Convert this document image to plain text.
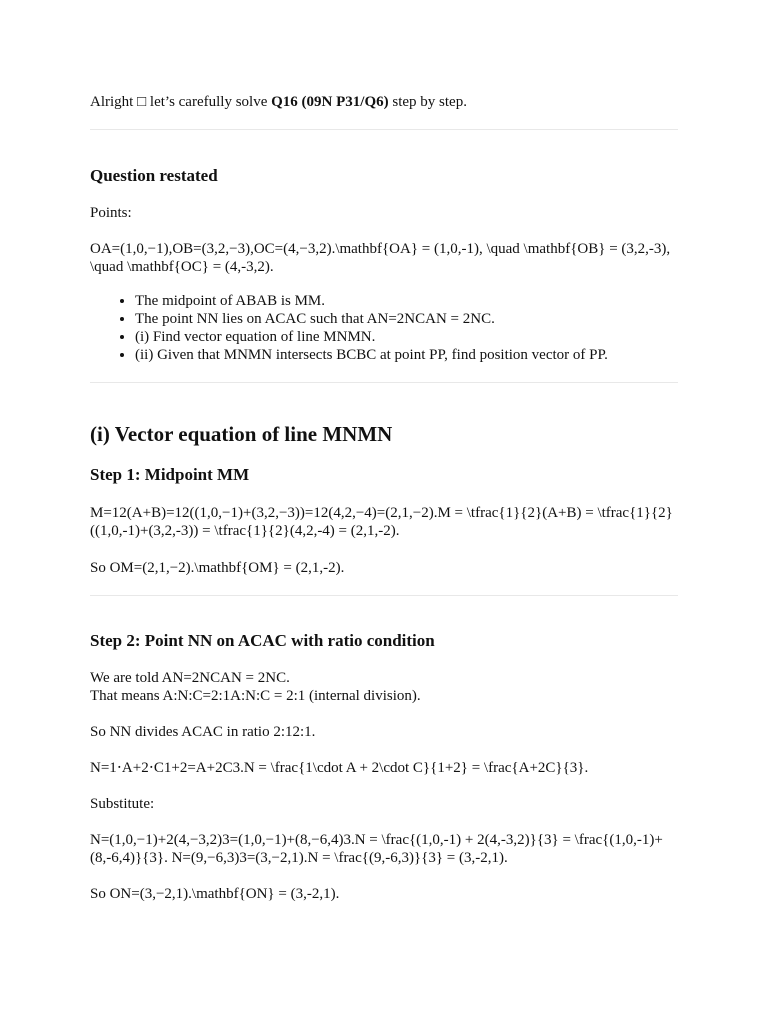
Alright □ let’s carefully solve Q16 (09N P31/Q6) step by step.

Question restated

Points:

OA=(1,0,−1),OB=(3,2,−3),OC=(4,−3,2).\mathbf{OA} = (1,0,-1), \quad \mathbf{OB} = (3,2,-3), \quad \mathbf{OC} = (4,-3,2).

• The midpoint of ABAB is MM.
• The point NN lies on ACAC such that AN=2NCAN = 2NC.
• (i) Find vector equation of line MNMN.
• (ii) Given that MNMN intersects BCBC at point PP, find position vector of PP.
(i) Vector equation of line MNMN
Step 1: Midpoint MM

M=12(A+B)=12((1,0,−1)+(3,2,−3))=12(4,2,−4)=(2,1,−2).M = \tfrac{1}{2}(A+B) = \tfrac{1}{2}((1,0,-1)+(3,2,-3)) = \tfrac{1}{2}(4,2,-4) = (2,1,-2).

So OM=(2,1,−2).\mathbf{OM} = (2,1,-2).

Step 2: Point NN on ACAC with ratio condition

We are told AN=2NCAN = 2NC.
That means A:N:C=2:1A:N:C = 2:1 (internal division).

So NN divides ACAC in ratio 2:12:1.

N=1⋅A+2⋅C1+2=A+2C3.N = \frac{1\cdot A + 2\cdot C}{1+2} = \frac{A+2C}{3}.

Substitute:

N=(1,0,−1)+2(4,−3,2)3=(1,0,−1)+(8,−6,4)3.N = \frac{(1,0,-1) + 2(4,-3,2)}{3} = \frac{(1,0,-1)+(8,-6,4)}{3}. N=(9,−6,3)3=(3,−2,1).N = \frac{(9,-6,3)}{3} = (3,-2,1).

So ON=(3,−2,1).\mathbf{ON} = (3,-2,1).
